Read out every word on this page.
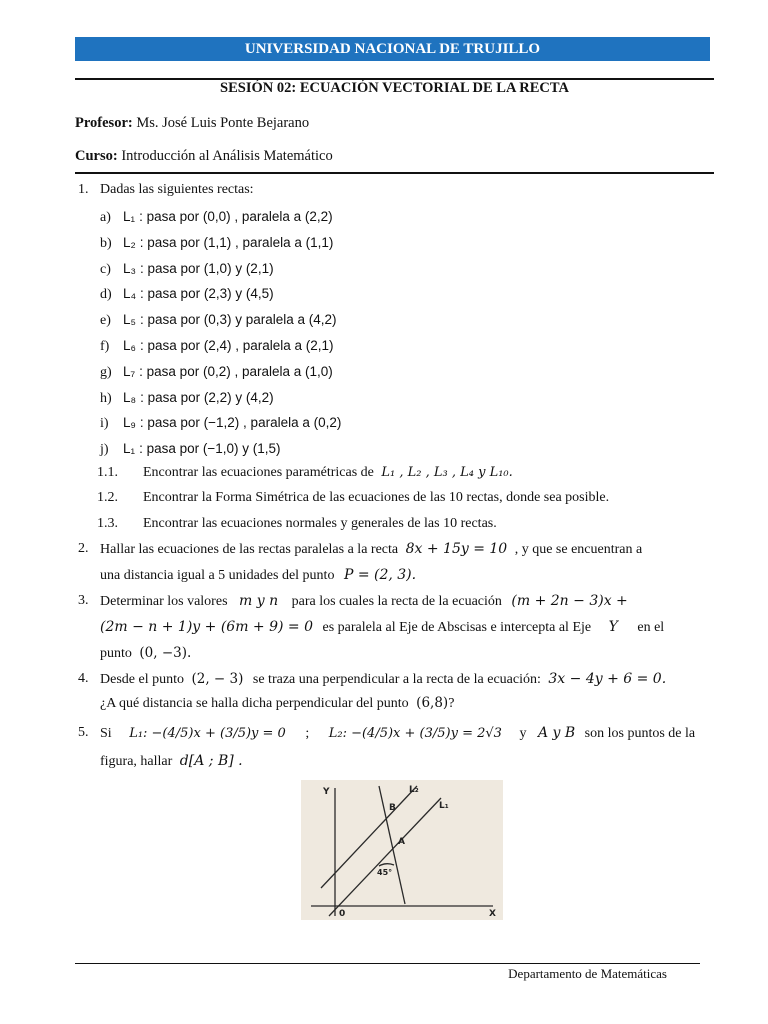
UNIVERSIDAD NACIONAL DE TRUJILLO
SESIÓN 02: ECUACIÓN VECTORIAL DE LA RECTA
Profesor: Ms. José Luis Ponte Bejarano
Curso: Introducción al Análisis Matemático
1. Dadas las siguientes rectas:
a) L₁ : pasa por (0,0) , paralela a (2,2)
b) L₂ : pasa por (1,1) , paralela a (1,1)
c) L₃ : pasa por (1,0) y (2,1)
d) L₄ : pasa por (2,3) y (4,5)
e) L₅ : pasa por (0,3) y paralela a (4,2)
f) L₆ : pasa por (2,4) , paralela a (2,1)
g) L₇ : pasa por (0,2) , paralela a (1,0)
h) L₈ : pasa por (2,2) y (4,2)
i) L₉ : pasa por (−1,2) , paralela a (0,2)
j) L₁ : pasa por (−1,0) y (1,5)
1.1. Encontrar las ecuaciones paramétricas de L₁ , L₂ , L₃ , L₄ y L₁₀.
1.2. Encontrar la Forma Simétrica de las ecuaciones de las 10 rectas, donde sea posible.
1.3. Encontrar las ecuaciones normales y generales de las 10 rectas.
2. Hallar las ecuaciones de las rectas paralelas a la recta 8x + 15y = 10 , y que se encuentran a
una distancia igual a 5 unidades del punto P = (2, 3).
3. Determinar los valores m y n para los cuales la recta de la ecuación (m + 2n − 3)x +
(2m − n + 1)y + (6m + 9) = 0 es paralela al Eje de Abscisas e intercepta al Eje Y en el
punto (0, −3).
4. Desde el punto (2, − 3) se traza una perpendicular a la recta de la ecuación: 3x − 4y + 6 = 0.
¿A qué distancia se halla dicha perpendicular del punto (6,8)?
5. Si L₁: −(4/5)x + (3/5)y = 0 ; L₂: −(4/5)x + (3/5)y = 2√3 y A y B son los puntos de la
figura, hallar d[A ; B] .
Y
X
0
L₁
L₂
A
B
45°
Departamento de Matemáticas
